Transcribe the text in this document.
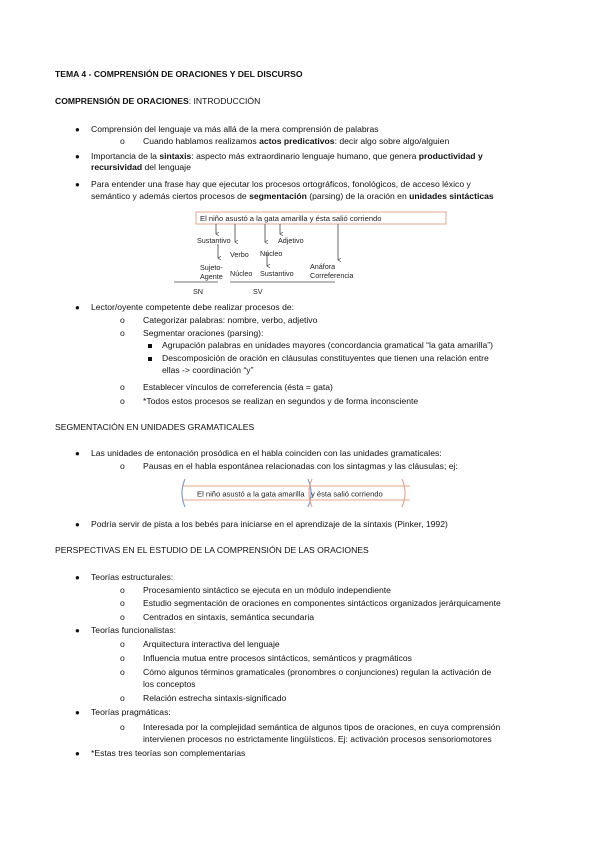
TEMA 4 - COMPRENSIÓN DE ORACIONES Y DEL DISCURSO
COMPRENSIÓN DE ORACIONES: INTRODUCCIÓN
● Comprensión del lenguaje va más allá de la mera comprensión de palabras
o Cuando hablamos realizamos actos predicativos: decir algo sobre algo/alguien
● Importancia de la sintaxis: aspecto más extraordinario lenguaje humano, que genera productividad y
recursividad del lenguaje
● Para entender una frase hay que ejecutar los procesos ortográficos, fonológicos, de acceso léxico y
semántico y además ciertos procesos de segmentación (parsing) de la oración en unidades sintácticas
El niño asustó a la gata amarilla y ésta salió corriendo
Sustantivo
Verbo Núcleo
Adjetivo
Sujeto-
Agente Núcleo Sustantivo
Anáfora
Correferencia
SN	SV
● Lector/oyente competente debe realizar procesos de:
o Categorizar palabras: nombre, verbo, adjetivo
o Segmentar oraciones (parsing):
Agrupación palabras en unidades mayores (concordancia gramatical “la gata amarilla”)
Descomposición de oración en cláusulas constituyentes que tienen una relación entre
ellas -> coordinación “y”
o Establecer vínculos de correferencia (ésta = gata)
o *Todos estos procesos se realizan en segundos y de forma inconsciente
SEGMENTACIÓN EN UNIDADES GRAMATICALES
● Las unidades de entonación prosódica en el habla coinciden con las unidades gramaticales:
o Pausas en el habla espontánea relacionadas con los sintagmas y las cláusulas; ej:
El niño asustó a la gata amarilla y ésta salió corriendo
● Podría servir de pista a los bebés para iniciarse en el aprendizaje de la sintaxis (Pinker, 1992)
PERSPECTIVAS EN EL ESTUDIO DE LA COMPRENSIÓN DE LAS ORACIONES
● Teorías estructurales:
o Procesamiento sintáctico se ejecuta en un módulo independiente
o Estudio segmentación de oraciones en componentes sintácticos organizados jerárquicamente
o Centrados en sintaxis, semántica secundaria
● Teorías funcionalistas:
o Arquitectura interactiva del lenguaje
o Influencia mutua entre procesos sintácticos, semánticos y pragmáticos
o Cómo algunos términos gramaticales (pronombres o conjunciones) regulan la activación de
los conceptos
o Relación estrecha sintaxis-significado
● Teorías pragmáticas:
o Interesada por la complejidad semántica de algunos tipos de oraciones, en cuya comprensión
intervienen procesos no estrictamente lingüísticos. Ej: activación procesos sensoriomotores
● *Estas tres teorías son complementarias
